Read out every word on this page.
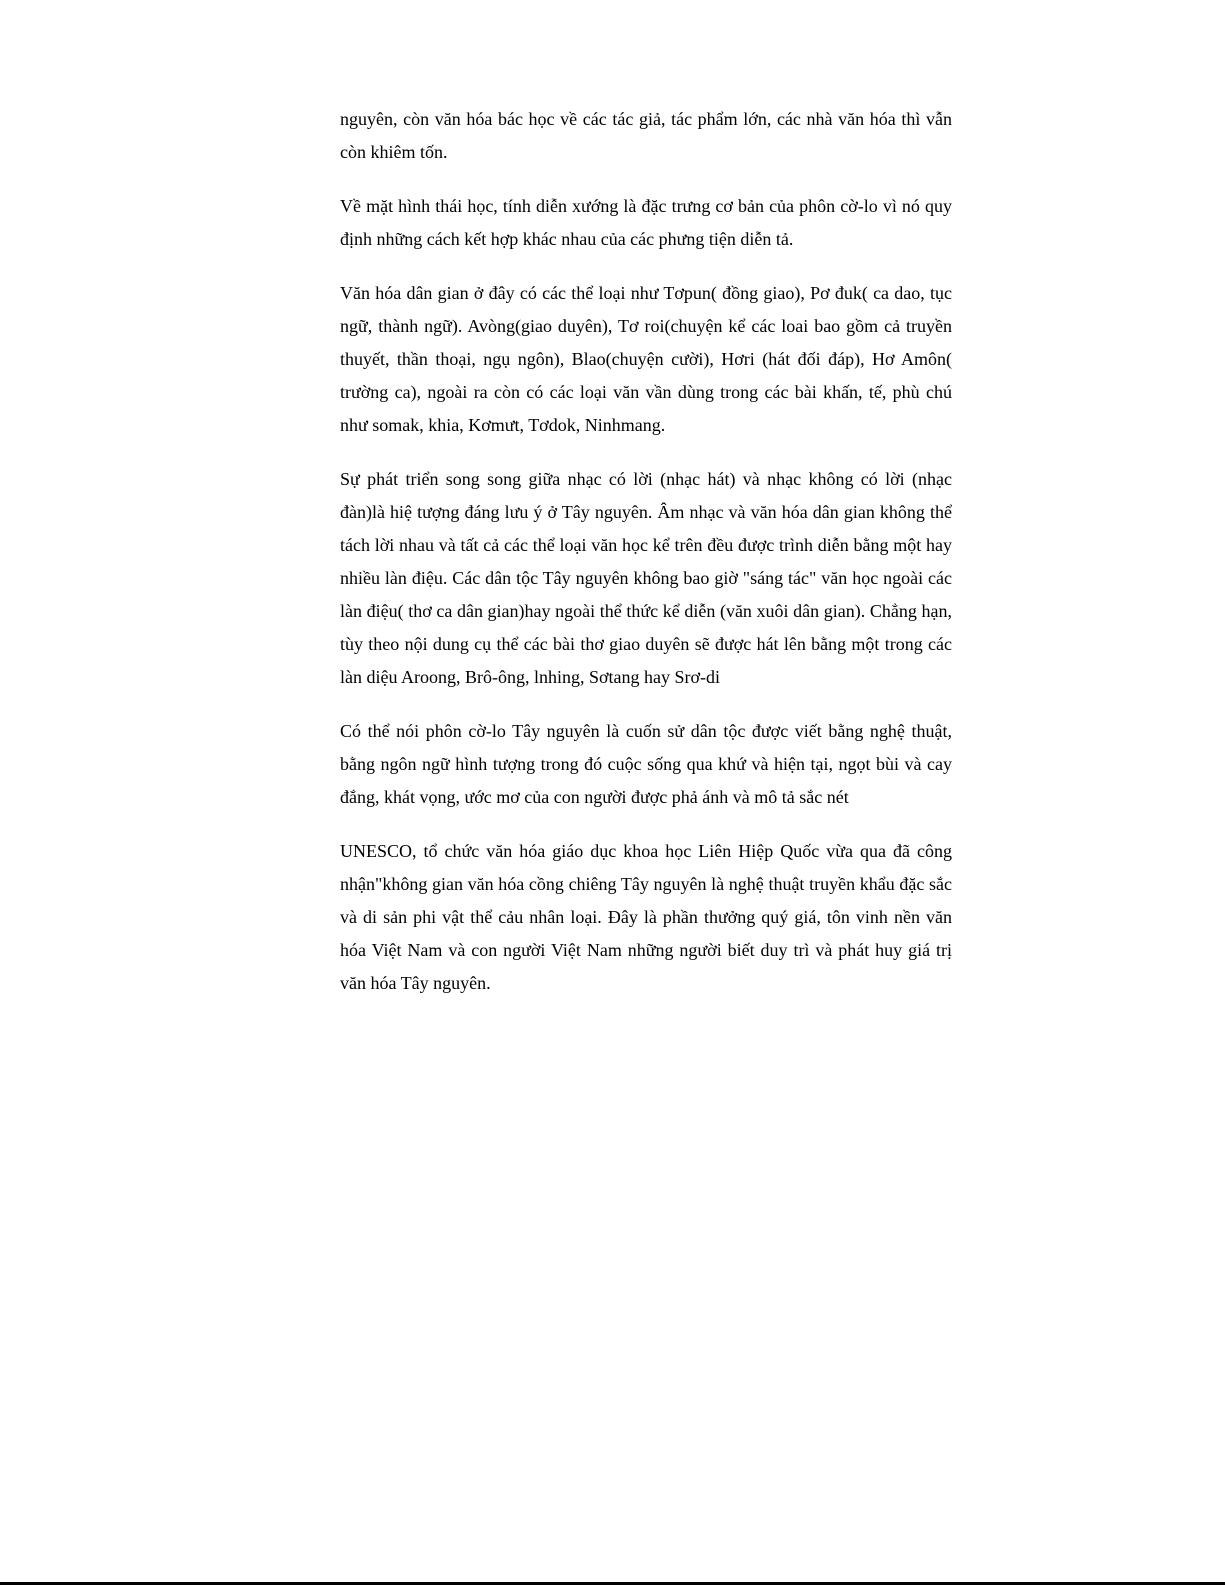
nguyên, còn văn hóa bác học về các tác giả, tác phẩm lớn, các nhà văn hóa thì vẫn còn khiêm tốn.

Về mặt hình thái học, tính diễn xướng là đặc trưng cơ bản của phôn cờ-lo vì nó quy định những cách kết hợp khác nhau của các phưng tiện diễn tả.

Văn hóa dân gian ở đây có các thể loại như Tơpun( đồng giao), Pơ đuk( ca dao, tục ngữ, thành ngữ). Avòng(giao duyên), Tơ roi(chuyện kể các loai bao gồm cả truyền thuyết, thần thoại, ngụ ngôn), Blao(chuyện cười), Hơri (hát đối đáp), Hơ Amôn( trường ca), ngoài ra còn có các loại văn vần dùng trong các bài khấn, tế, phù chú như somak, khia, Kơmưt, Tơdok, Ninhmang.

Sự phát triển song song giữa nhạc có lời (nhạc hát) và nhạc không có lời (nhạc đàn)là hiệ tượng đáng lưu ý ở Tây nguyên. Âm nhạc và văn hóa dân gian không thể tách lời nhau và tất cả các thể loại văn học kể trên đều được trình diễn bằng một hay nhiều làn điệu. Các dân tộc Tây nguyên không bao giờ "sáng tác" văn học ngoài các làn điệu( thơ ca dân gian)hay ngoài thể thức kể diễn (văn xuôi dân gian). Chẳng hạn, tùy theo nội dung cụ thể các bài thơ giao duyên sẽ được hát lên bằng một trong các làn diệu Aroong, Brô-ông, lnhing, Sơtang hay Srơ-di

Có thể nói phôn cờ-lo Tây nguyên là cuốn sử dân tộc được viết bằng nghệ thuật, bằng ngôn ngữ hình tượng trong đó cuộc sống qua khứ và hiện tại, ngọt bùi và cay đắng, khát vọng, ước mơ của con người được phả ánh và mô tả sắc nét

UNESCO, tổ chức văn hóa giáo dục khoa học Liên Hiệp Quốc vừa qua đã công nhận"không gian văn hóa cồng chiêng Tây nguyên là nghệ thuật truyền khẩu đặc sắc và di sản phi vật thể cảu nhân loại. Đây là phần thưởng quý giá, tôn vinh nền văn hóa Việt Nam và con người Việt Nam những người biết duy trì và phát huy giá trị văn hóa Tây nguyên.
